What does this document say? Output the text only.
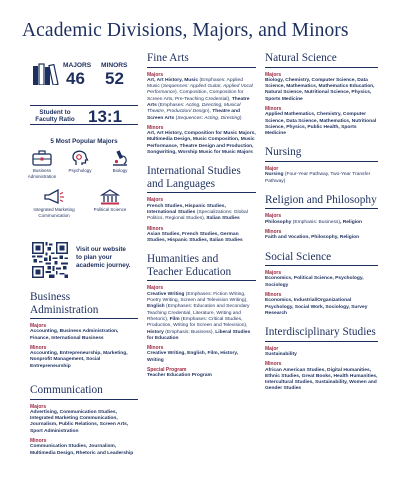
Academic Divisions, Majors, and Minors
MAJORS
46
MINORS
52
Student to Faculty Ratio 13:1
5 Most Popular Majors
Business Administration
Psychology	Biology
Integrated Marketing Communication
Political Science
Visit our website to plan your academic journey.
Business Administration
Majors
Accounting, Business Administration, Finance, International Business
Minors
Accounting, Entrepreneurship, Marketing, Nonprofit Management, Social Entrepreneurship
Communication
Majors
Advertising, Communication Studies, Integrated Marketing Communication, Journalism, Public Relations, Screen Arts, Sport Administration
Minors
Communication Studies, Journalism, Multimedia Design, Rhetoric and Leadership
Fine Arts
Majors
Art, Art History, Music (Emphases: Applied Music (Sequences: Applied Guitar, Applied Vocal Performance), Composition, Composition for Screen Arts, Pre-Teaching Credential), Theatre Arts (Emphases: Acting, Directing, Musical Theatre, Production/ Design), Theatre and Screen Arts (Sequences: Acting, Directing)
Minors
Art, Art History, Composition for Music Majors, Multimedia Design, Music Composition, Music Performance, Theatre Design and Production, Songwriting, Worship Music for Music Majors
International Studies and Languages
Majors
French Studies, Hispanic Studies, International Studies (Specializations: Global Politics, Regional Studies), Italian Studies
Minors
Asian Studies, French Studies, German Studies, Hispanic Studies, Italian Studies
Humanities and Teacher Education
Majors
Creative Writing (Emphases: Fiction Writing, Poetry Writing, Screen and Television Writing), English (Emphases: Education and Secondary Teaching Credential, Literature, Writing and Rhetoric), Film (Emphases: Critical Studies, Production, Writing for Screen and Television), History (Emphasis: Business), Liberal Studies for Education
Minors
Creative Writing, English, Film, History, Writing
Special Program
Teacher Education Program
Natural Science
Majors
Biology, Chemistry, Computer Science, Data Science, Mathematics, Mathematics Education, Natural Science, Nutritional Science, Physics, Sports Medicine
Minors
Applied Mathematics, Chemistry, Computer Science, Data Science, Mathematics, Nutritional Science, Physics, Public Health, Sports Medicine
Nursing
Major
Nursing (Four-Year Pathway, Two-Year Transfer Pathway)
Religion and Philosophy
Majors
Philosophy (Emphasis: Business), Religion
Minors
Faith and Vocation, Philosophy, Religion
Social Science
Majors
Economics, Political Science, Psychology, Sociology
Minors
Economics, Industrial/Organizational Psychology, Social Work, Sociology, Survey Research
Interdisciplinary Studies
Major
Sustainability
Minors
African American Studies, Digital Humanities, Ethnic Studies, Great Books, Health Humanities, Intercultural Studies, Sustainability, Women and Gender Studies
